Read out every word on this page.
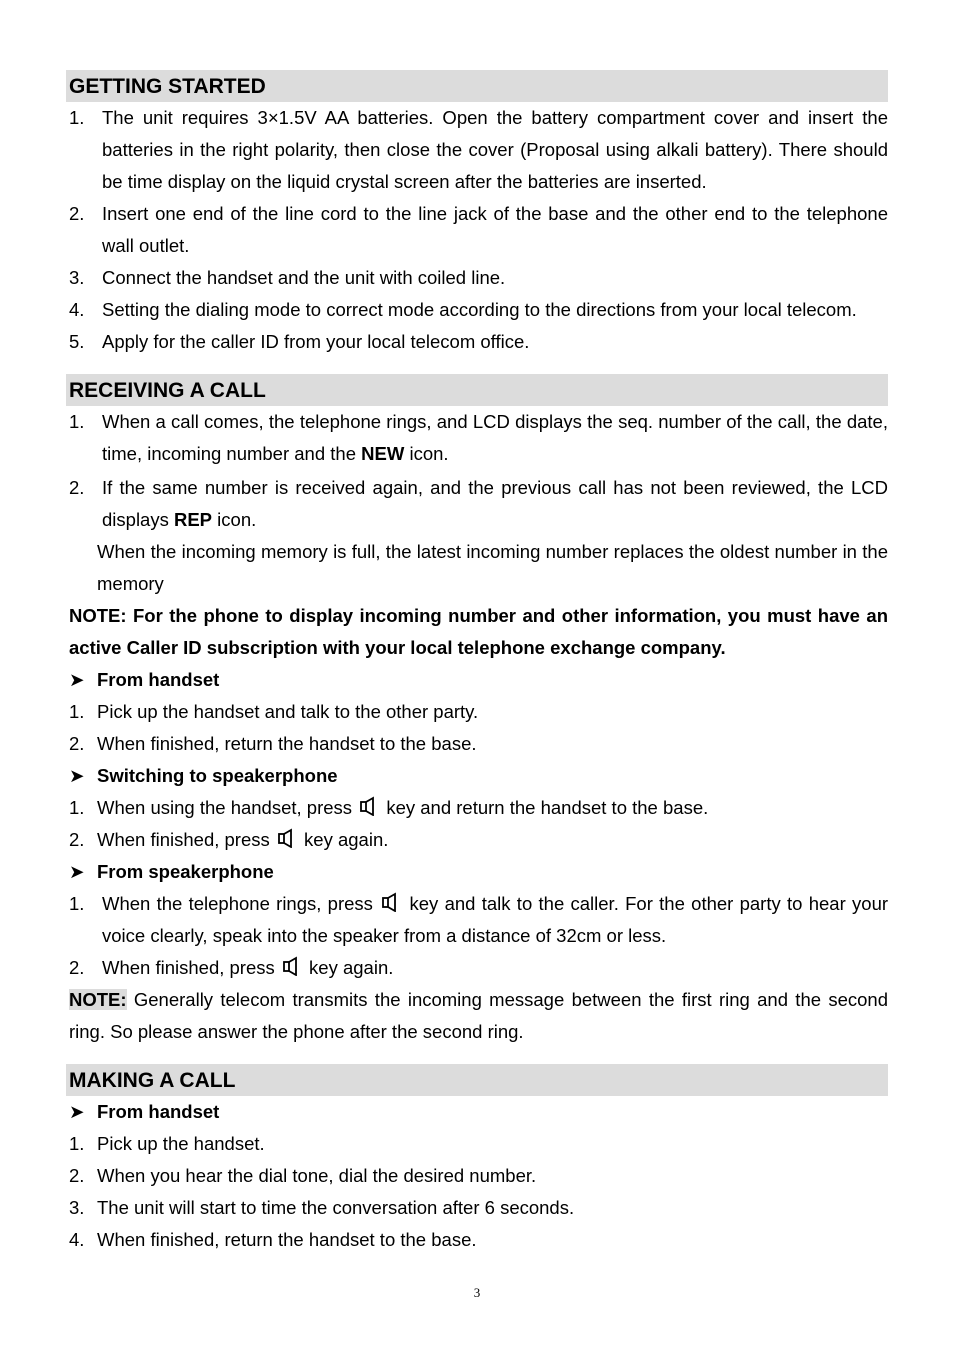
GETTING STARTED
1. The unit requires 3×1.5V AA batteries. Open the battery compartment cover and insert the batteries in the right polarity, then close the cover (Proposal using alkali battery). There should be time display on the liquid crystal screen after the batteries are inserted.
2. Insert one end of the line cord to the line jack of the base and the other end to the telephone wall outlet.
3. Connect the handset and the unit with coiled line.
4. Setting the dialing mode to correct mode according to the directions from your local telecom.
5. Apply for the caller ID from your local telecom office.
RECEIVING A CALL
1. When a call comes, the telephone rings, and LCD displays the seq. number of the call, the date, time, incoming number and the NEW icon.
2. If the same number is received again, and the previous call has not been reviewed, the LCD displays REP icon.
When the incoming memory is full, the latest incoming number replaces the oldest number in the memory
NOTE: For the phone to display incoming number and other information, you must have an active Caller ID subscription with your local telephone exchange company.
➤ From handset
1. Pick up the handset and talk to the other party.
2. When finished, return the handset to the base.
➤ Switching to speakerphone
1. When using the handset, press key and return the handset to the base.
2. When finished, press key again.
➤ From speakerphone
1. When the telephone rings, press key and talk to the caller. For the other party to hear your voice clearly, speak into the speaker from a distance of 32cm or less.
2. When finished, press key again.
NOTE: Generally telecom transmits the incoming message between the first ring and the second ring. So please answer the phone after the second ring.
MAKING A CALL
➤ From handset
1. Pick up the handset.
2. When you hear the dial tone, dial the desired number.
3. The unit will start to time the conversation after 6 seconds.
4. When finished, return the handset to the base.
3
